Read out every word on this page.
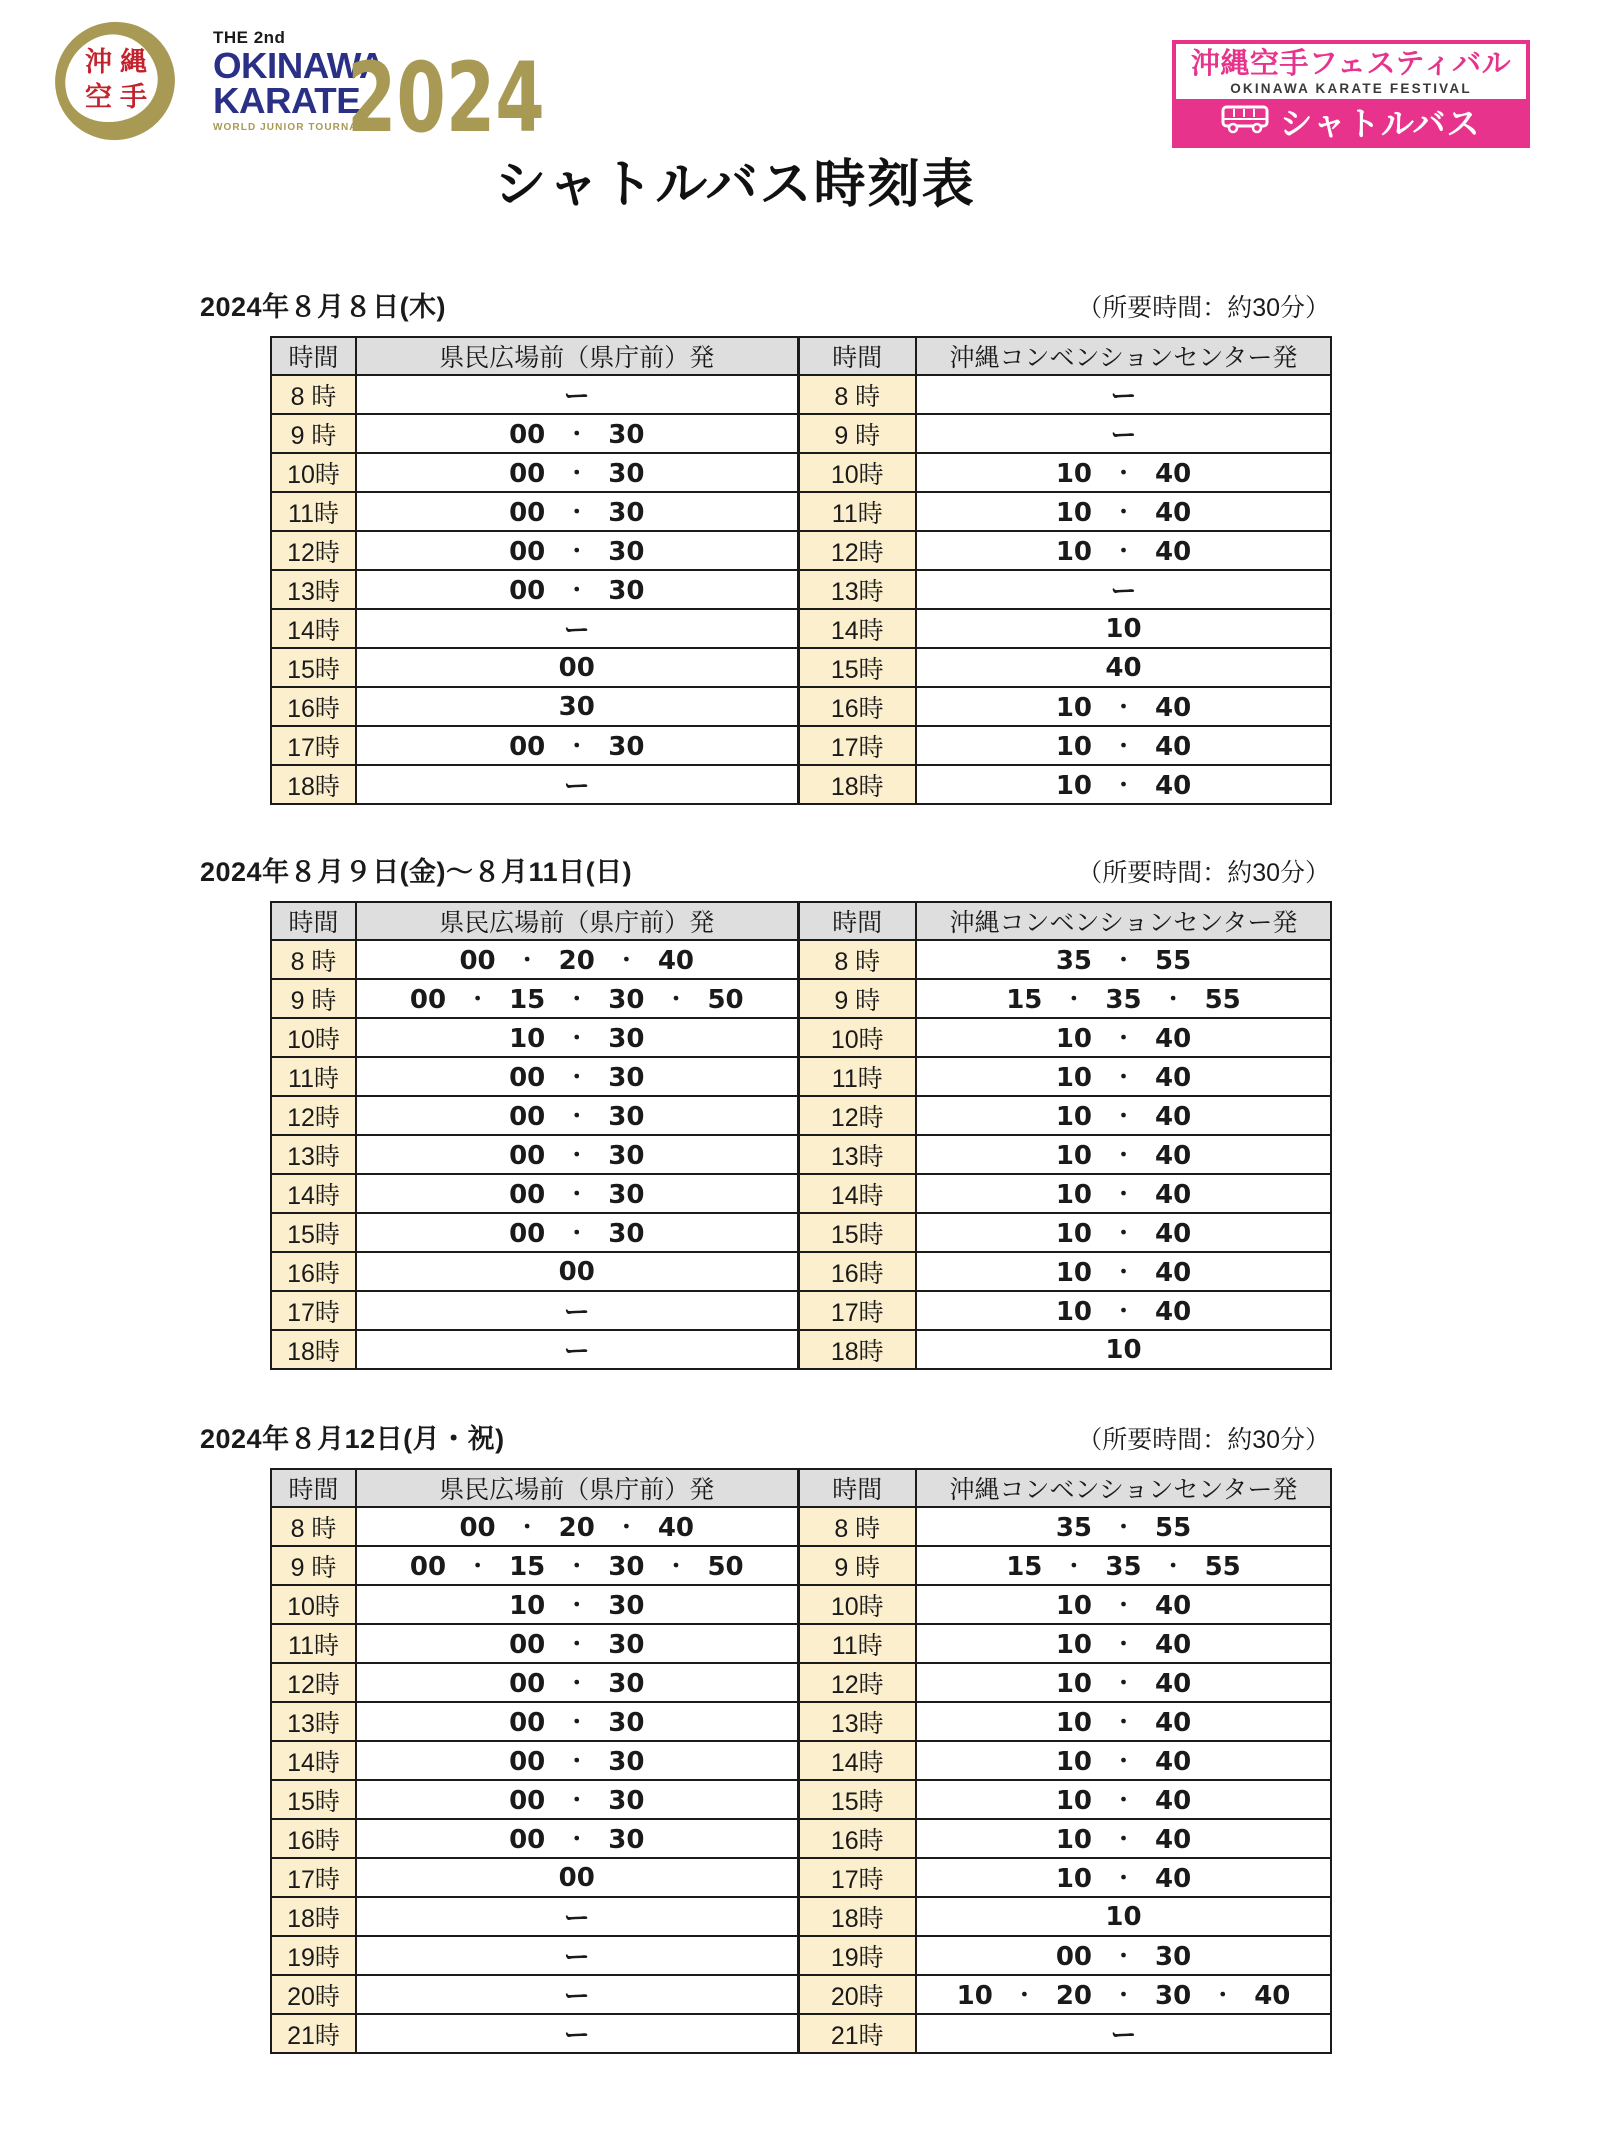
沖 縄
空 手
THE 2nd
OKINAWA
KARATE
WORLD JUNIOR TOURNAMENT
2024	沖縄空手フェスティバル
OKINAWA KARATE FESTIVAL
シャトルバス
シャトルバス時刻表
2024年８月８日(木)	（所要時間：約30分）
時間	県民広場前（県庁前）発	時間	沖縄コンベンションセンター発
8 時	ー	8 時	ー
9 時	00 ・ 30	9 時	ー
10時	00 ・ 30	10時	10 ・ 40
11時	00 ・ 30	11時	10 ・ 40
12時	00 ・ 30	12時	10 ・ 40
13時	00 ・ 30	13時	ー
14時	ー	14時	10
15時	00	15時	40
16時	30	16時	10 ・ 40
17時	00 ・ 30	17時	10 ・ 40
18時	ー	18時	10 ・ 40
2024年８月９日(金)～８月11日(日)	（所要時間：約30分）
時間	県民広場前（県庁前）発	時間	沖縄コンベンションセンター発
8 時	00 ・ 20 ・ 40	8 時	35 ・ 55
9 時	00 ・ 15 ・ 30 ・ 50	9 時	15 ・ 35 ・ 55
10時	10 ・ 30	10時	10 ・ 40
11時	00 ・ 30	11時	10 ・ 40
12時	00 ・ 30	12時	10 ・ 40
13時	00 ・ 30	13時	10 ・ 40
14時	00 ・ 30	14時	10 ・ 40
15時	00 ・ 30	15時	10 ・ 40
16時	00	16時	10 ・ 40
17時	ー	17時	10 ・ 40
18時	ー	18時	10
2024年８月12日(月・祝)	（所要時間：約30分）
時間	県民広場前（県庁前）発	時間	沖縄コンベンションセンター発
8 時	00 ・ 20 ・ 40	8 時	35 ・ 55
9 時	00 ・ 15 ・ 30 ・ 50	9 時	15 ・ 35 ・ 55
10時	10 ・ 30	10時	10 ・ 40
11時	00 ・ 30	11時	10 ・ 40
12時	00 ・ 30	12時	10 ・ 40
13時	00 ・ 30	13時	10 ・ 40
14時	00 ・ 30	14時	10 ・ 40
15時	00 ・ 30	15時	10 ・ 40
16時	00 ・ 30	16時	10 ・ 40
17時	00	17時	10 ・ 40
18時	ー	18時	10
19時	ー	19時	00 ・ 30
20時	ー	20時	10 ・ 20 ・ 30 ・ 40
21時	ー	21時	ー
